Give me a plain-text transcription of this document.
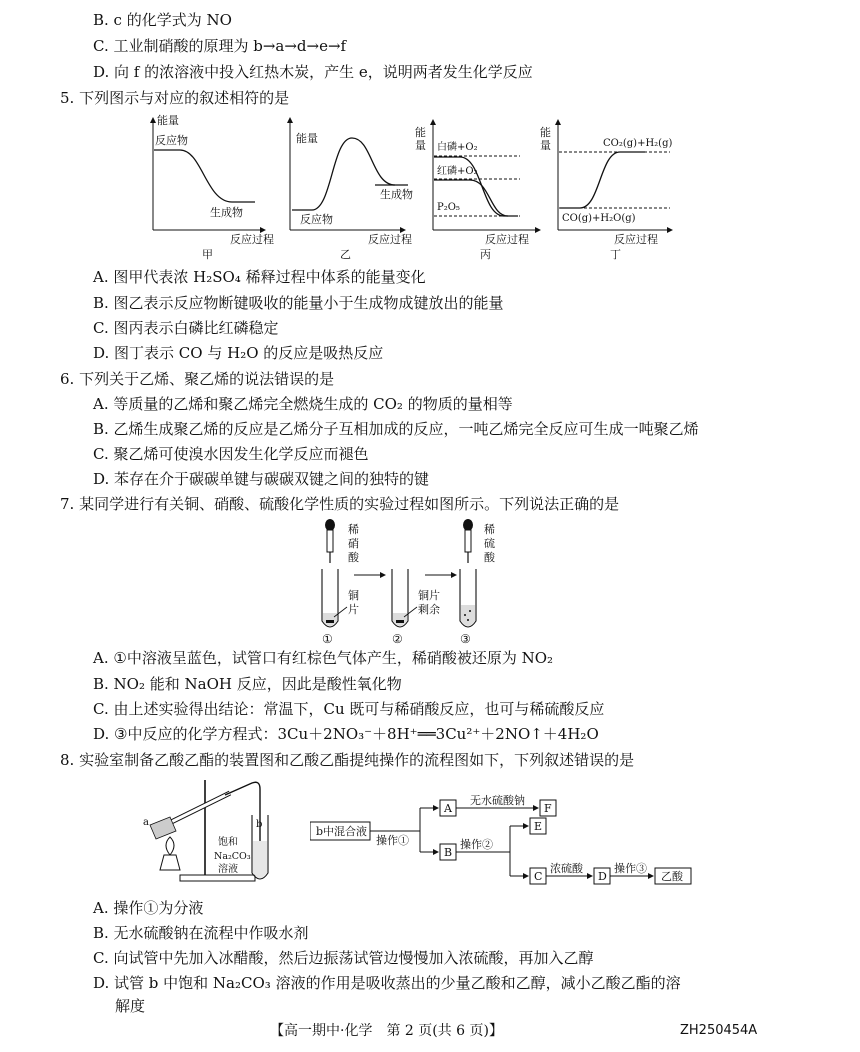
B. c 的化学式为 NO
C. 工业制硝酸的原理为 b→a→d→e→f
D. 向 f 的浓溶液中投入红热木炭，产生 e，说明两者发生化学反应
5. 下列图示与对应的叙述相符的是
能量
反应物
生成物
反应过程
甲
能量
生成物
反应物
反应过程
乙
能
量 白磷+O₂
红磷+O₂
P₂O₅
反应过程
丙
能
量	CO₂(g)+H₂(g)
CO(g)+H₂O(g)
反应过程
丁
A. 图甲代表浓 H₂SO₄ 稀释过程中体系的能量变化
B. 图乙表示反应物断键吸收的能量小于生成物成键放出的能量
C. 图丙表示白磷比红磷稳定
D. 图丁表示 CO 与 H₂O 的反应是吸热反应
6. 下列关于乙烯、聚乙烯的说法错误的是
A. 等质量的乙烯和聚乙烯完全燃烧生成的 CO₂ 的物质的量相等
B. 乙烯生成聚乙烯的反应是乙烯分子互相加成的反应，一吨乙烯完全反应可生成一吨聚乙烯
C. 聚乙烯可使溴水因发生化学反应而褪色
D. 苯存在介于碳碳单键与碳碳双键之间的独特的键
7. 某同学进行有关铜、硝酸、硫酸化学性质的实验过程如图所示。下列说法正确的是
稀
硝
酸
铜
片
①
铜片
剩余
②
稀
硫
酸
③
A. ①中溶液呈蓝色，试管口有红棕色气体产生，稀硝酸被还原为 NO₂
B. NO₂ 能和 NaOH 反应，因此是酸性氧化物
C. 由上述实验得出结论：常温下，Cu 既可与稀硝酸反应，也可与稀硫酸反应
D. ③中反应的化学方程式：3Cu＋2NO₃⁻＋8H⁺══3Cu²⁺＋2NO↑＋4H₂O
8. 实验室制备乙酸乙酯的装置图和乙酸乙酯提纯操作的流程图如下，下列叙述错误的是
a	b
饱和
Na₂CO₃
溶液
b中混合液
操作①
A
无水硫酸钠
F
B
操作②
E
C
浓硫酸
D
操作③
乙酸
A. 操作①为分液
B. 无水硫酸钠在流程中作吸水剂
C. 向试管中先加入冰醋酸，然后边振荡试管边慢慢加入浓硫酸，再加入乙醇
D. 试管 b 中饱和 Na₂CO₃ 溶液的作用是吸收蒸出的少量乙酸和乙醇，减小乙酸乙酯的溶
解度
【高一期中·化学　第 2 页(共 6 页)】	ZH250454A
